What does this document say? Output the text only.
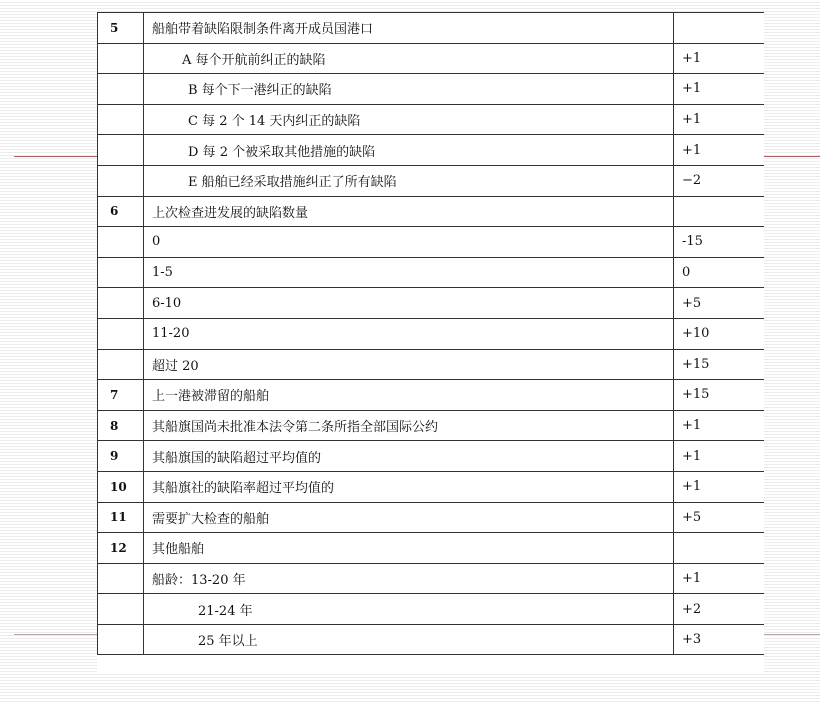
5	船舶带着缺陷限制条件离开成员国港口	
	A 每个开航前纠正的缺陷	+1
	B 每个下一港纠正的缺陷	+1
	C 每 2 个 14 天内纠正的缺陷	+1
	D 每 2 个被采取其他措施的缺陷	+1
	E 船舶已经采取措施纠正了所有缺陷	−2
6	上次检查进发展的缺陷数量	
	0	-15
	1-5	0
	6-10	+5
	11-20	+10
	超过 20	+15
7	上一港被滞留的船舶	+15
8	其船旗国尚未批准本法令第二条所指全部国际公约	+1
9	其船旗国的缺陷超过平均值的	+1
10	其船旗社的缺陷率超过平均值的	+1
11	需要扩大检查的船舶	+5
12	其他船舶	
	船龄：13-20 年	+1
	21-24 年	+2
	25 年以上	+3
